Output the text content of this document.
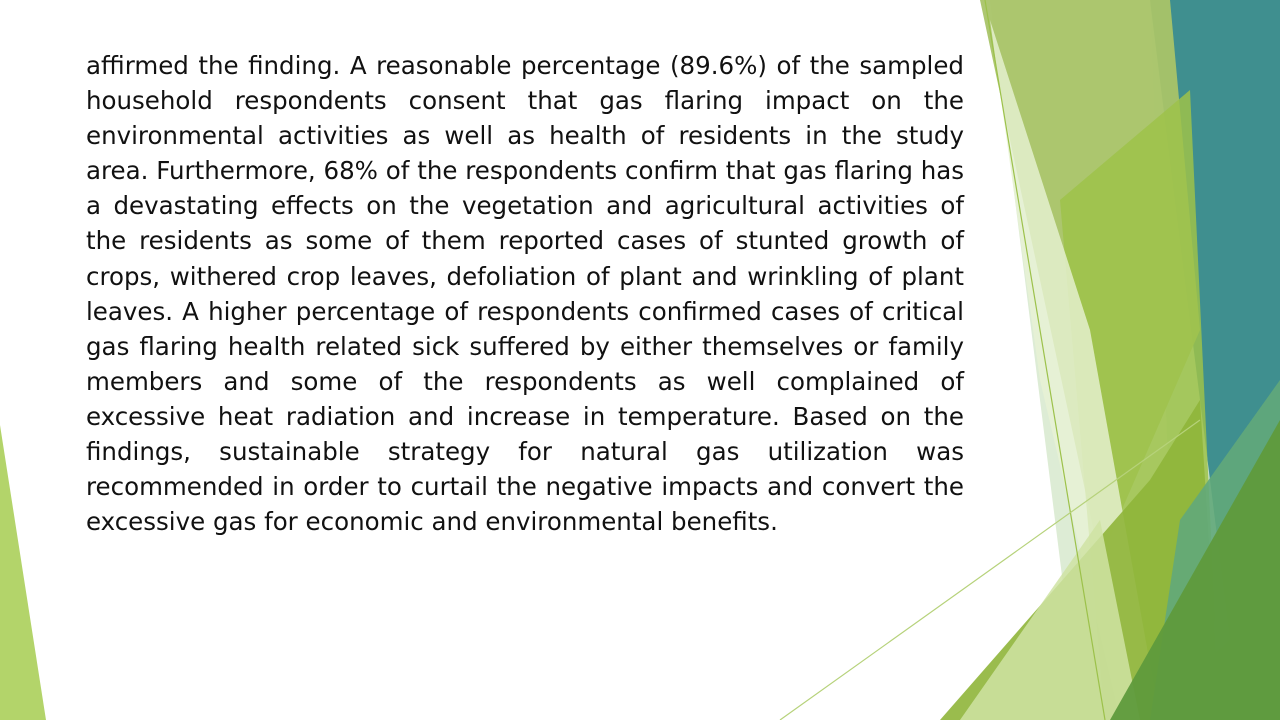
affirmed the finding. A reasonable percentage (89.6%) of the sampled household respondents consent that gas flaring impact on the environmental activities as well as health of residents in the study area. Furthermore, 68% of the respondents confirm that gas flaring has a devastating effects on the vegetation and agricultural activities of the residents as some of them reported cases of stunted growth of crops, withered crop leaves, defoliation of plant and wrinkling of plant leaves. A higher percentage of respondents confirmed cases of critical gas flaring health related sick suffered by either themselves or family members and some of the respondents as well complained of excessive heat radiation and increase in temperature. Based on the findings, sustainable strategy for natural gas utilization was recommended in order to curtail the negative impacts and convert the excessive gas for economic and environmental benefits.
